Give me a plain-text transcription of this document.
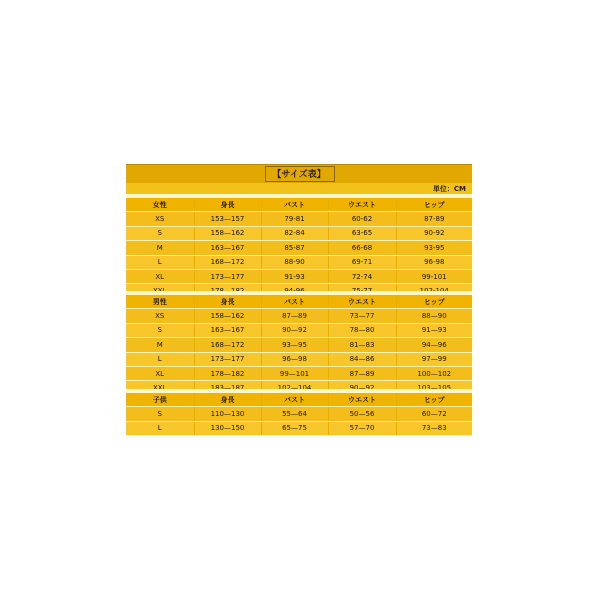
【サイズ表】
単位：CM
女性	身長	バスト	ウエスト	ヒップ
XS	153—157	79-81	60-62	87-89
S	158—162	82-84	63-65	90-92
M	163—167	85-87	66-68	93-95
L	168—172	88-90	69-71	96-98
XL	173—177	91-93	72-74	99-101

男性	身長	バスト	ウエスト	ヒップ
XS	158—162	87—89	73—77	88—90
S	163—167	90—92	78—80	91—93
M	168—172	93—95	81—83	94—96
L	173—177	96—98	84—86	97—99
XL	178—182	99—101	87—89	100—102

子供	身長	バスト	ウエスト	ヒップ
S	110—130	55—64	50—56	60—72
L	130—150	65—75	57—70	73—83
